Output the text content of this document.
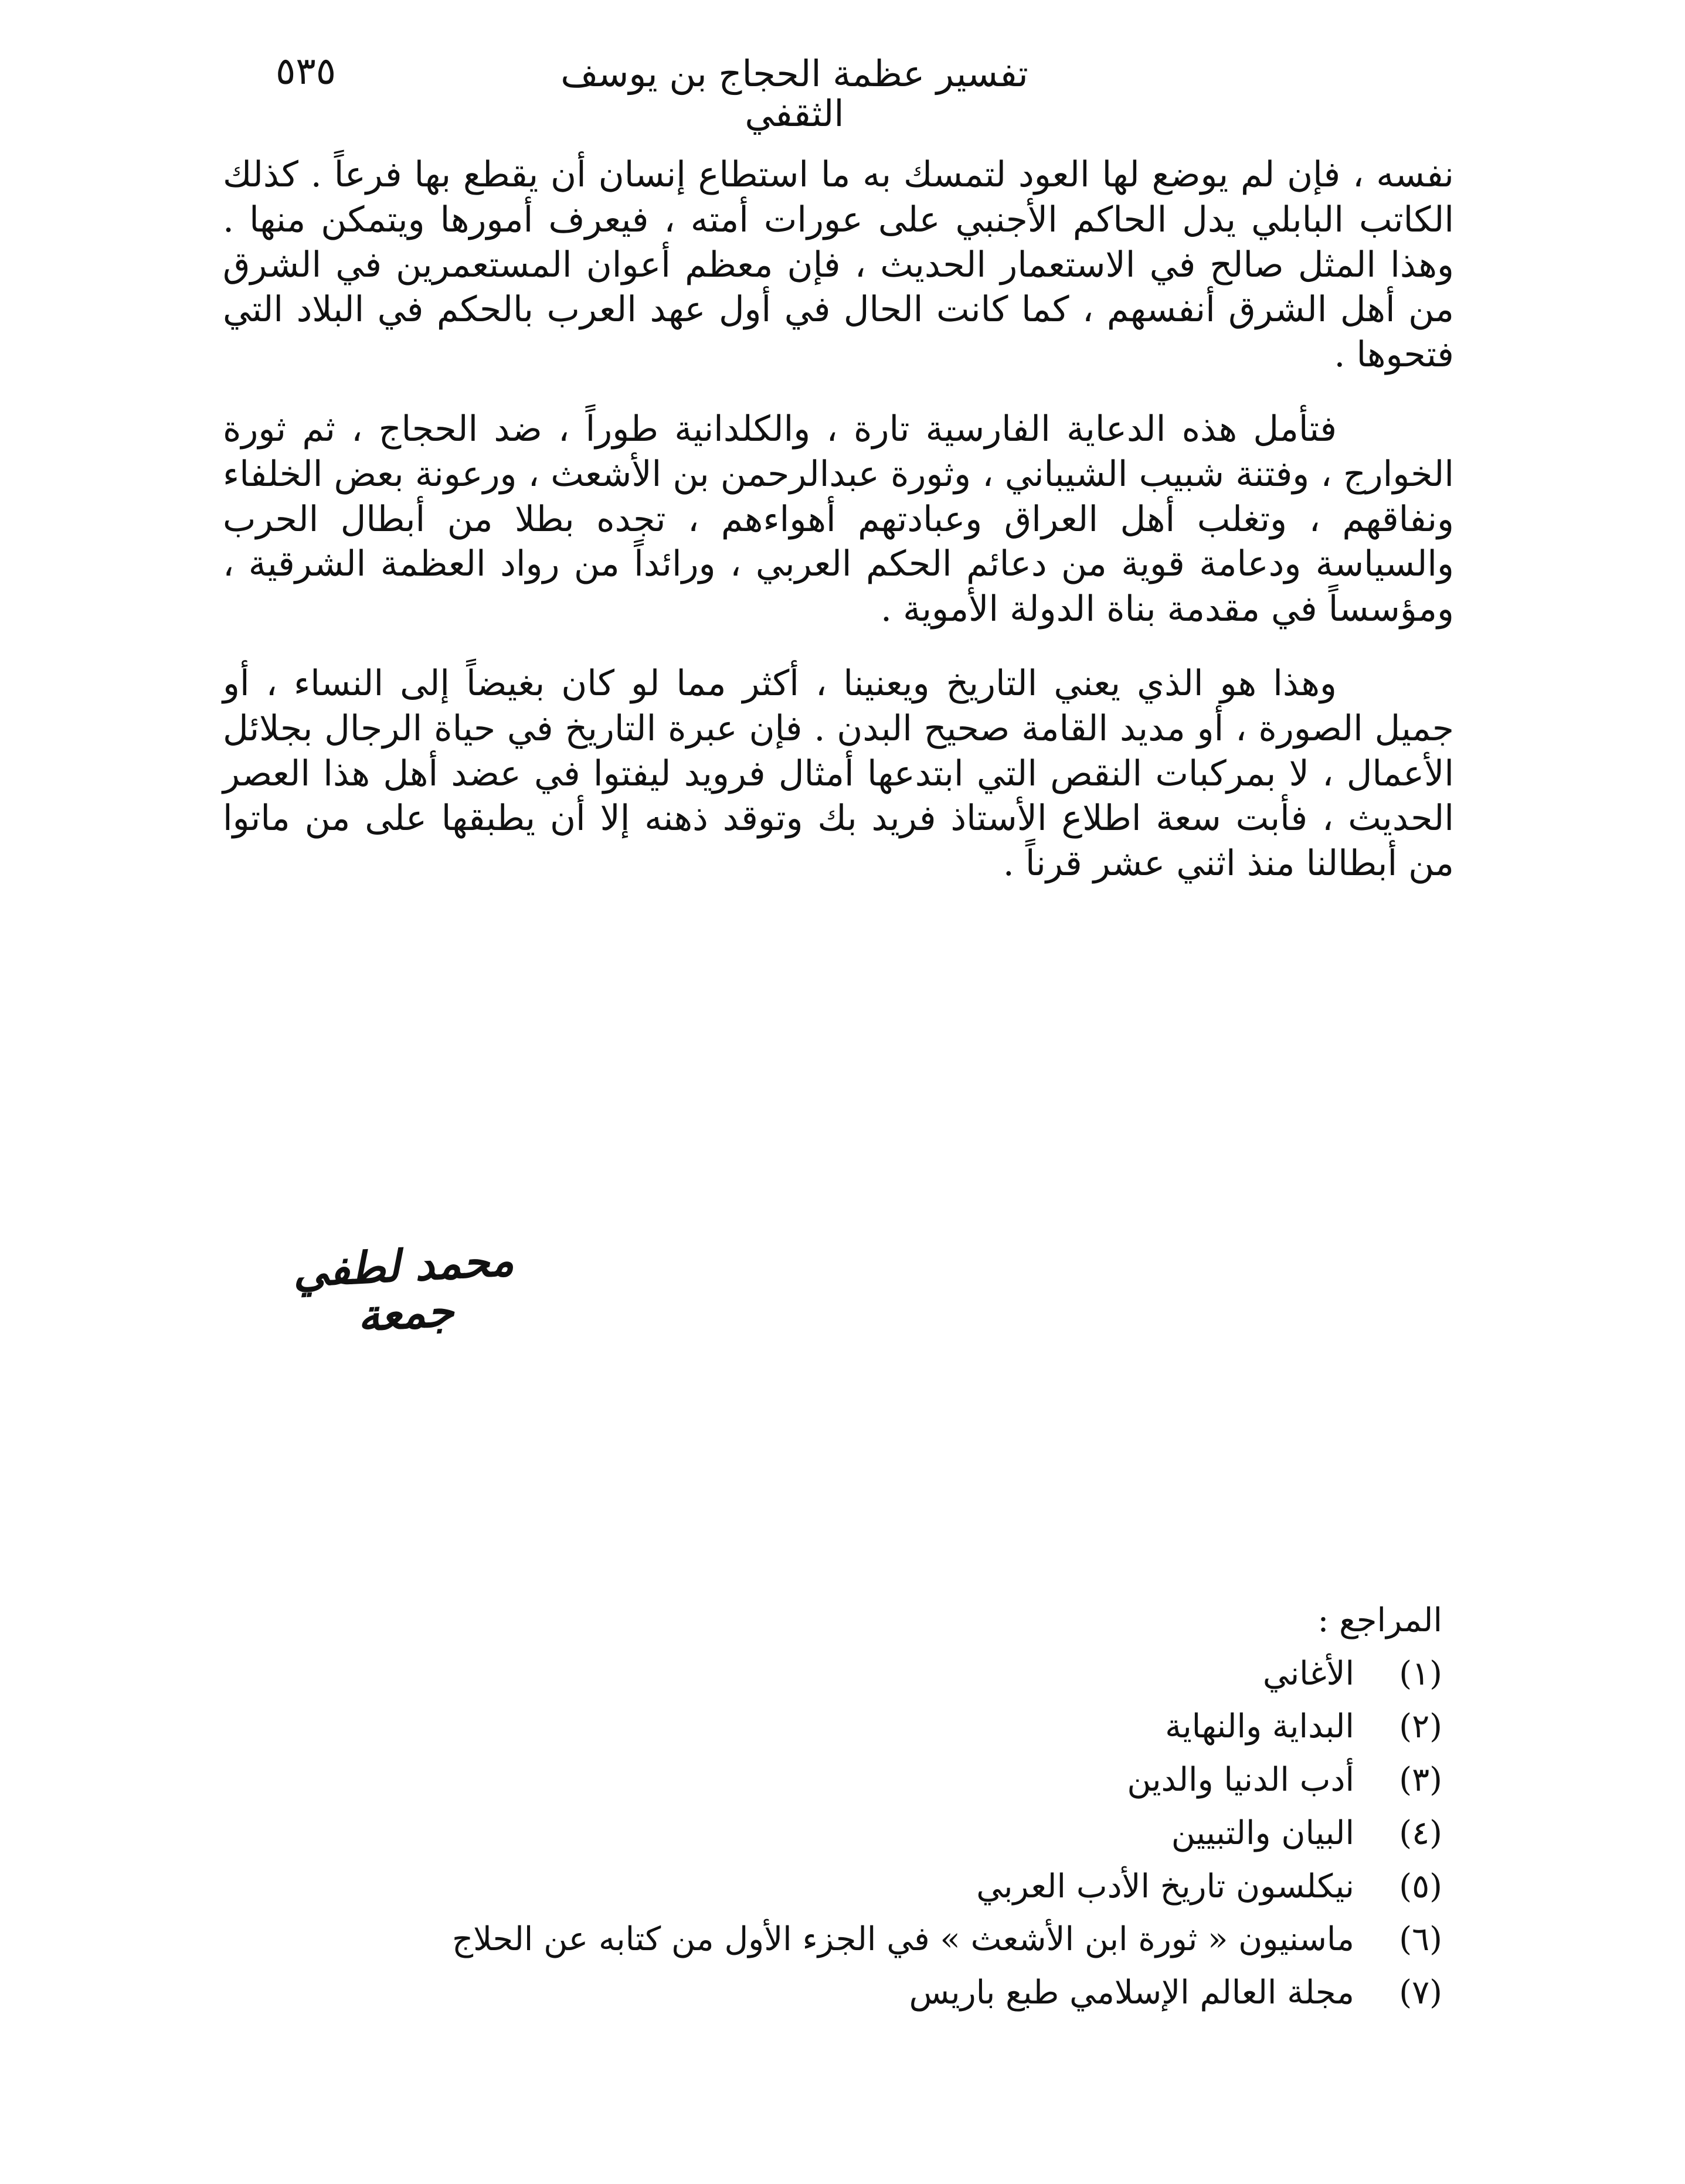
٥٣٥	تفسير عظمة الحجاج بن يوسف الثقفي

نفسه ، فإن لم يوضع لها العود لتمسك به ما استطاع إنسان أن يقطع بها فرعاً . كذلك الكاتب البابلي يدل الحاكم الأجنبي على عورات أمته ، فيعرف أمورها ويتمكن منها . وهذا المثل صالح في الاستعمار الحديث ، فإن معظم أعوان المستعمرين في الشرق من أهل الشرق أنفسهم ، كما كانت الحال في أول عهد العرب بالحكم في البلاد التي فتحوها .

فتأمل هذه الدعاية الفارسية تارة ، والكلدانية طوراً ، ضد الحجاج ، ثم ثورة الخوارج ، وفتنة شبيب الشيباني ، وثورة عبدالرحمن بن الأشعث ، ورعونة بعض الخلفاء ونفاقهم ، وتغلب أهل العراق وعبادتهم أهواءهم ، تجده بطلا من أبطال الحرب والسياسة ودعامة قوية من دعائم الحكم العربي ، ورائداً من رواد العظمة الشرقية ، ومؤسساً في مقدمة بناة الدولة الأموية .

وهذا هو الذي يعني التاريخ ويعنينا ، أكثر مما لو كان بغيضاً إلى النساء ، أو جميل الصورة ، أو مديد القامة صحيح البدن . فإن عبرة التاريخ في حياة الرجال بجلائل الأعمال ، لا بمركبات النقص التي ابتدعها أمثال فرويد ليفتوا في عضد أهل هذا العصر الحديث ، فأبت سعة اطلاع الأستاذ فريد بك وتوقد ذهنه إلا أن يطبقها على من ماتوا من أبطالنا منذ اثني عشر قرناً .

محمد لطفي جمعة

المراجع :

(١)
الأغاني
(٢)
البداية والنهاية
(٣)
أدب الدنيا والدين
(٤)
البيان والتبيين
(٥)
نيكلسون تاريخ الأدب العربي
(٦)
ماسنيون « ثورة ابن الأشعث » في الجزء الأول من كتابه عن الحلاج
(٧)
مجلة العالم الإسلامي طبع باريس
